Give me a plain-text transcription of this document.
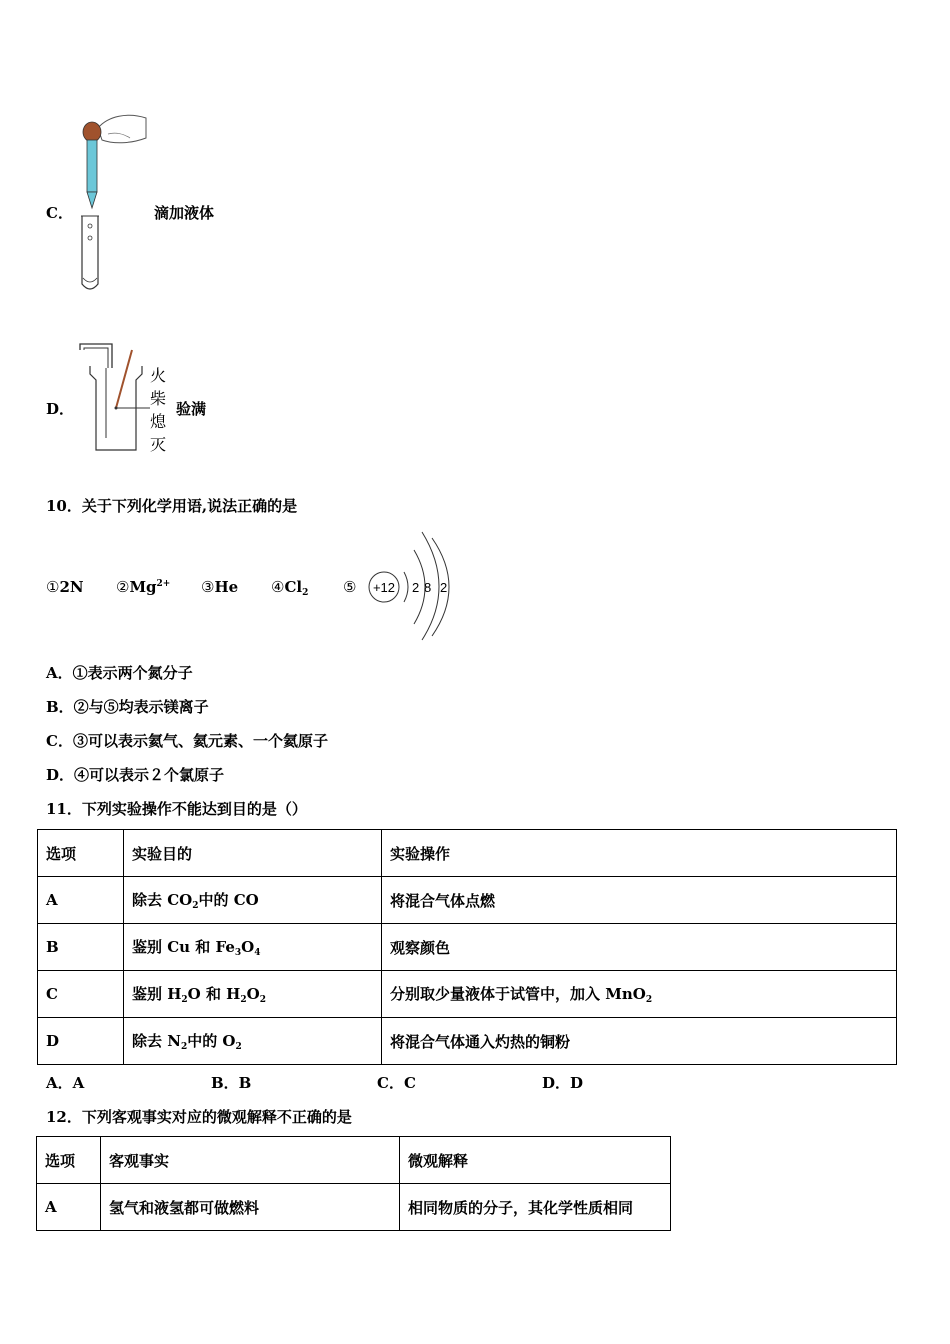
C．	滴加液体
D．
火
柴
熄
灭
验满
10．关于下列化学用语,说法正确的是
①2N $②Mg^{2+}$ ③He $④Cl_2$ ⑤ +12 2 8 2
A．①表示两个氮分子
B．②与⑤均表示镁离子
C．③可以表示氦气、氦元素、一个氦原子
D．④可以表示２个氯原子
11．下列实验操作不能达到目的是（）
选项	实验目的	实验操作
A	除去 $CO_2$中的 CO	将混合气体点燃
B	鉴别 Cu 和 $Fe_3O_4$	观察颜色
C	鉴别 $H_2O$ 和 $H_2O_2$	分别取少量液体于试管中，加入 MnO$_2$
D	除去 $N_2$中的 $O_2$	将混合气体通入灼热的铜粉
A．A	B．B	C．C	D．D
12．下列客观事实对应的微观解释不正确的是
选项	客观事实	微观解释
A	氢气和液氢都可做燃料	相同物质的分子，其化学性质相同
